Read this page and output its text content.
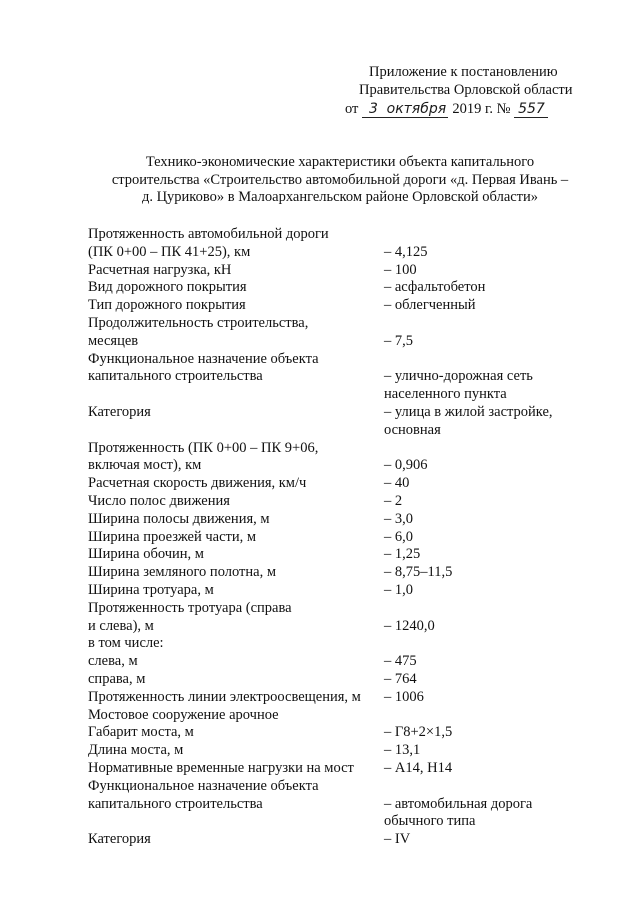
Приложение к постановлению
Правительства Орловской области
от 3 октября 2019 г. № 557
Технико-экономические характеристики объекта капитального
строительства «Строительство автомобильной дороги «д. Первая Ивань –
д. Цуриково» в Малоархангельском районе Орловской области»
Протяженность автомобильной дороги
(ПК 0+00 – ПК 41+25), км
	– 4,125
Расчетная нагрузка, кН	– 100
Вид дорожного покрытия	– асфальтобетон
Тип дорожного покрытия	– облегченный
Продолжительность строительства,
месяцев
	– 7,5
Функциональное назначение объекта
капитального строительства

	– улично-дорожная сеть
населенного пункта
Категория
	– улица в жилой застройке,
основная
Протяженность (ПК 0+00 – ПК 9+06,
включая мост), км
	– 0,906
Расчетная скорость движения, км/ч	– 40
Число полос движения	– 2
Ширина полосы движения, м	– 3,0
Ширина проезжей части, м	– 6,0
Ширина обочин, м	– 1,25
Ширина земляного полотна, м	– 8,75–11,5
Ширина тротуара, м	– 1,0
Протяженность тротуара (справа
и слева), м
	– 1240,0
в том числе:

слева, м	– 475
справа, м	– 764
Протяженность линии электроосвещения, м	– 1006
Мостовое сооружение арочное

Габарит моста, м	– Г8+2×1,5
Длина моста, м	– 13,1
Нормативные временные нагрузки на мост	– А14, Н14
Функциональное назначение объекта
капитального строительства

	– автомобильная дорога
обычного типа
Категория	– IV
